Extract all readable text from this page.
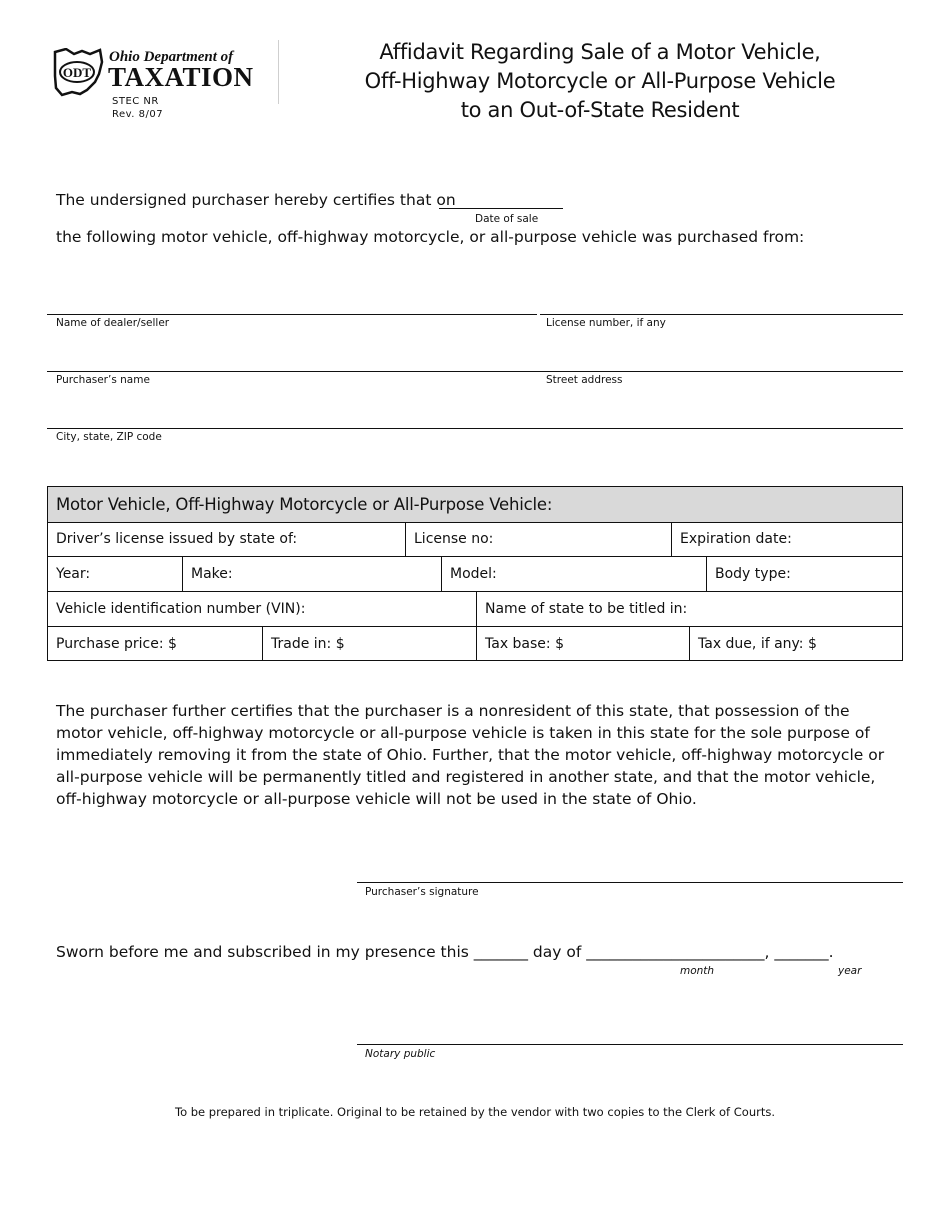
ODT
Ohio Department of
TAXATION
STEC NR
Rev. 8/07
Affidavit Regarding Sale of a Motor Vehicle,
Off-Highway Motorcycle or All-Purpose Vehicle
to an Out-of-State Resident
The undersigned purchaser hereby certifies that on
Date of sale
the following motor vehicle, off-highway motorcycle, or all-purpose vehicle was purchased from:
Name of dealer/seller	License number, if any
Purchaser’s name	Street address
City, state, ZIP code
Motor Vehicle, Off-Highway Motorcycle or All-Purpose Vehicle:
Driver’s license issued by state of:	License no:	Expiration date:
Year:	Make:	Model:	Body type:
Vehicle identification number (VIN):	Name of state to be titled in:
Purchase price: $	Trade in: $	Tax base: $	Tax due, if any: $
The purchaser further certifies that the purchaser is a nonresident of this state, that possession of the motor vehicle, off-highway motorcycle or all-purpose vehicle is taken in this state for the sole purpose of immediately removing it from the state of Ohio. Further, that the motor vehicle, off-highway motorcycle or all-purpose vehicle will be permanently titled and registered in another state, and that the motor vehicle, off-highway motorcycle or all-purpose vehicle will not be used in the state of Ohio.
Purchaser’s signature
Sworn before me and subscribed in my presence this _______ day of _______________________, _______.
month	year
Notary public
To be prepared in triplicate. Original to be retained by the vendor with two copies to the Clerk of Courts.
